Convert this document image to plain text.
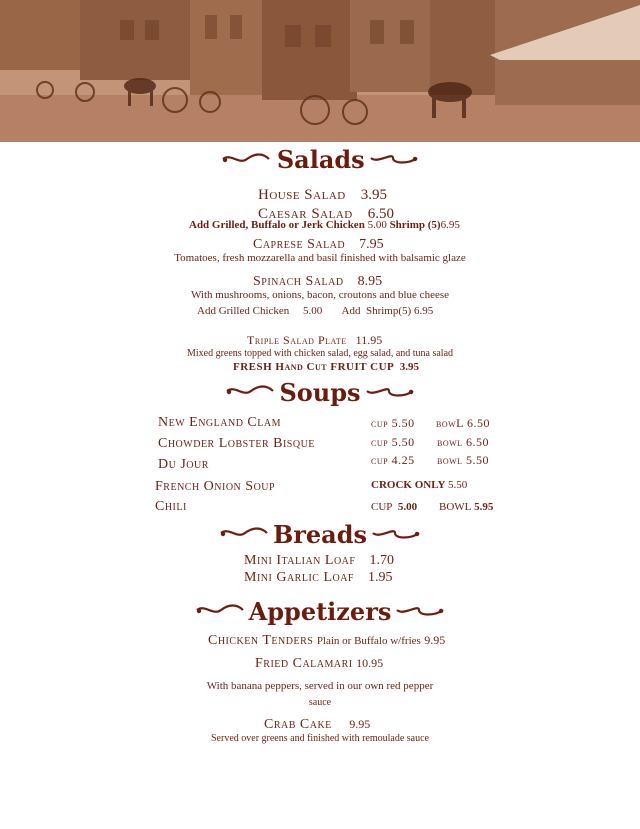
Salads
House Salad 3.95
Caesar Salad 6.50
Add Grilled, Buffalo or Jerk Chicken 5.00 Shrimp (5)6.95
Caprese Salad 7.95
Tomatoes, fresh mozzarella and basil finished with balsamic glaze
Spinach Salad 8.95
With mushrooms, onions, bacon, croutons and blue cheese
Add Grilled Chicken 5.00 Add Shrimp(5) 6.95
Triple Salad Plate 11.95
Mixed greens topped with chicken salad, egg salad, and tuna salad
FRESH Hand Cut FRUIT CUP 3.95
Soups
New England Clam	cup 5.50 bowL 6.50
Chowder Lobster Bisque	cup 5.50 bowl 6.50
Du Jour	cup 4.25 bowl 5.50
French Onion Soup	CROCK ONLY 5.50
Chili	CUP 5.00 BOWL 5.95
Breads
Mini Italian Loaf 1.70
Mini Garlic Loaf 1.95
Appetizers
Chicken Tenders Plain or Buffalo w/fries 9.95
Fried Calamari 10.95
With banana peppers, served in our own red pepper
sauce
Crab Cake 9.95
Served over greens and finished with remoulade sauce
